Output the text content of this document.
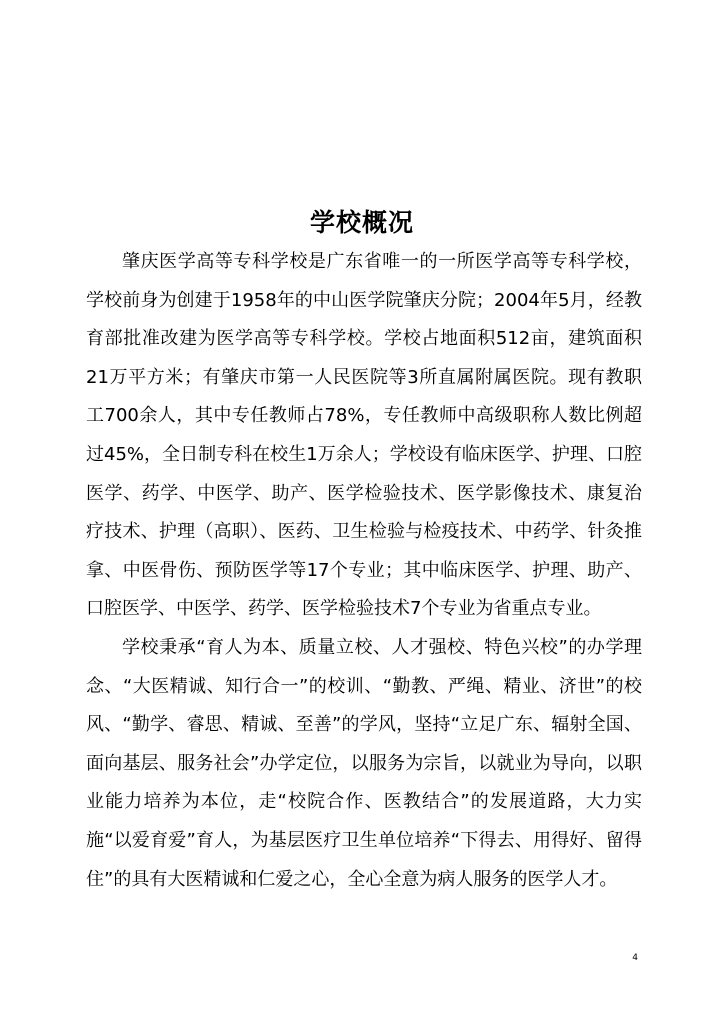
学校概况

肇庆医学高等专科学校是广东省唯一的一所医学高等专科学校，学校前身为创建于1958年的中山医学院肇庆分院；2004年5月，经教育部批准改建为医学高等专科学校。学校占地面积512亩，建筑面积21万平方米；有肇庆市第一人民医院等3所直属附属医院。现有教职工700余人，其中专任教师占78%，专任教师中高级职称人数比例超过45%，全日制专科在校生1万余人；学校设有临床医学、护理、口腔医学、药学、中医学、助产、医学检验技术、医学影像技术、康复治疗技术、护理（高职）、医药、卫生检验与检疫技术、中药学、针灸推拿、中医骨伤、预防医学等17个专业；其中临床医学、护理、助产、口腔医学、中医学、药学、医学检验技术7个专业为省重点专业。

学校秉承“育人为本、质量立校、人才强校、特色兴校”的办学理念、“大医精诚、知行合一”的校训、“勤教、严绳、精业、济世”的校风、“勤学、睿思、精诚、至善”的学风，坚持“立足广东、辐射全国、面向基层、服务社会”办学定位，以服务为宗旨，以就业为导向，以职业能力培养为本位，走“校院合作、医教结合”的发展道路，大力实施“以爱育爱”育人，为基层医疗卫生单位培养“下得去、用得好、留得住”的具有大医精诚和仁爱之心，全心全意为病人服务的医学人才。

4
